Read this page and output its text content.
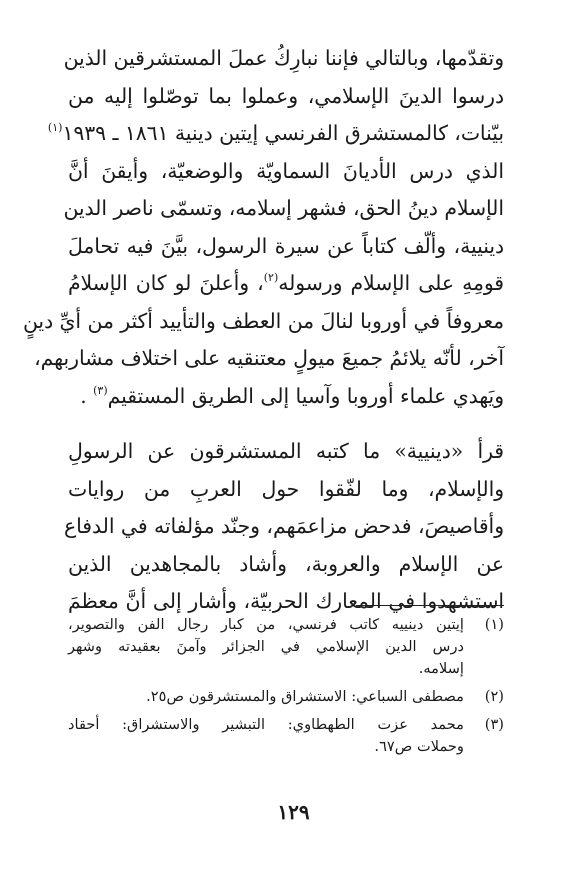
وتقدّمها، وبالتالي فإننا نبارِكُ عملَ المستشرقين الذين
درسوا الدينَ الإسلامي، وعملوا بما توصّلوا إليه من
بيّنات، كالمستشرق الفرنسي إيتين دينية ١٨٦١ ـ ١٩٣٩$^{(١)}$
الذي درس الأديانَ السماويّة والوضعيّة، وأيقنَ أنَّ
الإسلام دينُ الحق، فشهر إسلامه، وتسمّى ناصر الدين
دينيية، وألّف كتاباً عن سيرة الرسول، بيَّنَ فيه تحاملَ
قومِهِ على الإسلام ورسوله$^{(٢)}$، وأعلنَ لو كان الإسلامُ
معروفاً في أوروبا لنالَ من العطف والتأييد أكثر من أيِّ دينٍ
آخر، لأنّه يلائمُ جميعَ ميولٍ معتنقيه على اختلاف مشاربهم،
ويَهدي علماء أوروبا وآسيا إلى الطريق المستقيم$^{(٣)}$ .
قرأ «دينيية» ما كتبه المستشرقون عن الرسولِ
والإسلام، وما لفّقوا حول العربِ من روايات
وأقاصيصَ، فدحض مزاعمَهم، وجنّد مؤلفاته في الدفاع
عن الإسلام والعروبة، وأشاد بالمجاهدين الذين
استشهدوا في المعارك الحربيّة، وأشار إلى أنَّ معظمَ
(١)
إيتين دينييه كاتب فرنسي، من كبار رجال الفن والتصوير،
درس الدين الإسلامي في الجزائر وآمنَ بعقيدته وشهر
إسلامه.
(٢)
مصطفى السباعي: الاستشراق والمستشرقون ص٢٥.
(٣)
محمد عزت الطهطاوي: التبشير والاستشراق: أحقاد
وحملات ص٦٧.
١٢٩
